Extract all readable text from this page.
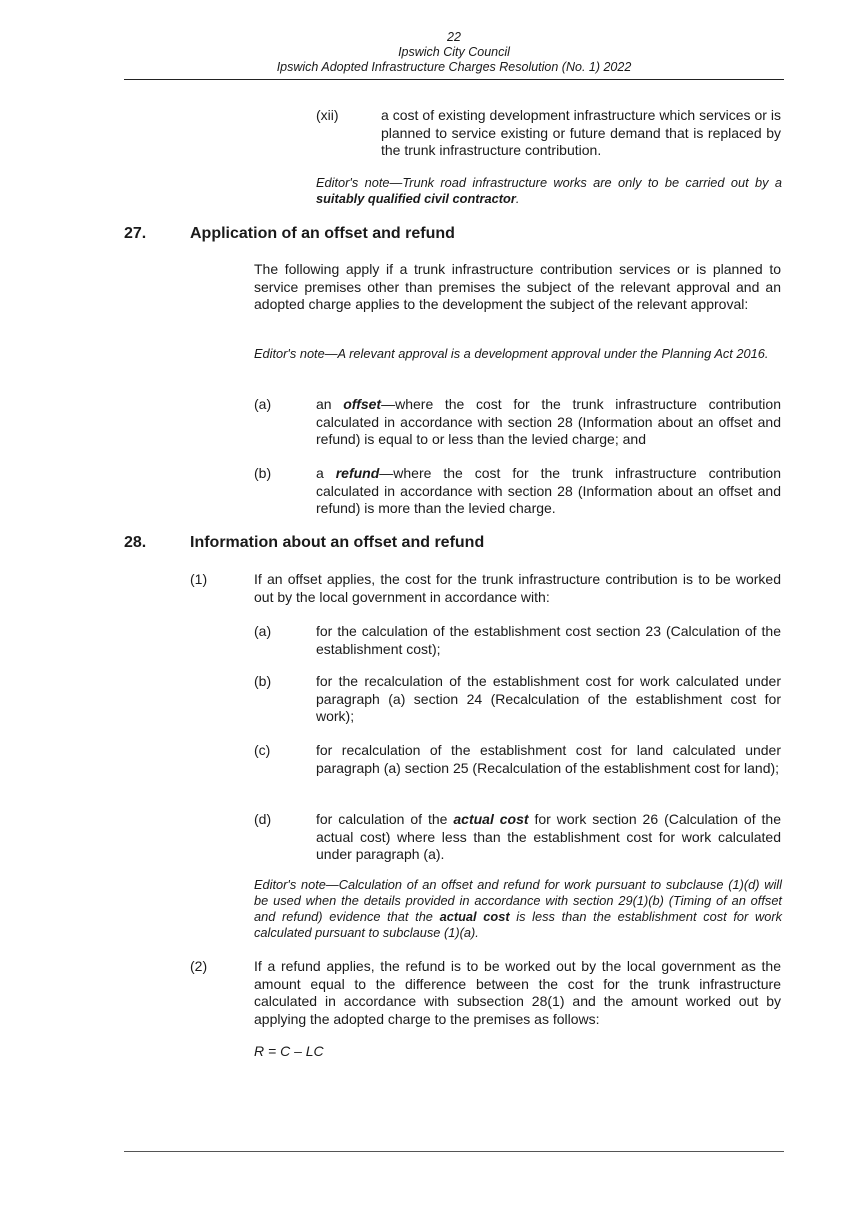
22
Ipswich City Council
Ipswich Adopted Infrastructure Charges Resolution (No. 1) 2022
(xii)	a cost of existing development infrastructure which services or is planned to service existing or future demand that is replaced by the trunk infrastructure contribution.

Editor's note—Trunk road infrastructure works are only to be carried out by a suitably qualified civil contractor.

27.	Application of an offset and refund

The following apply if a trunk infrastructure contribution services or is planned to service premises other than premises the subject of the relevant approval and an adopted charge applies to the development the subject of the relevant approval:

Editor's note—A relevant approval is a development approval under the Planning Act 2016.

(a)	an offset—where the cost for the trunk infrastructure contribution calculated in accordance with section 28 (Information about an offset and refund) is equal to or less than the levied charge; and

(b)	a refund—where the cost for the trunk infrastructure contribution calculated in accordance with section 28 (Information about an offset and refund) is more than the levied charge.

28.	Information about an offset and refund
(1)	If an offset applies, the cost for the trunk infrastructure contribution is to be worked out by the local government in accordance with:

(a)	for the calculation of the establishment cost section 23 (Calculation of the establishment cost);

(b)	for the recalculation of the establishment cost for work calculated under paragraph (a) section 24 (Recalculation of the establishment cost for work);

(c)	for recalculation of the establishment cost for land calculated under paragraph (a) section 25 (Recalculation of the establishment cost for land);

(d)	for calculation of the actual cost for work section 26 (Calculation of the actual cost) where less than the establishment cost for work calculated under paragraph (a).

Editor's note—Calculation of an offset and refund for work pursuant to subclause (1)(d) will be used when the details provided in accordance with section 29(1)(b) (Timing of an offset and refund) evidence that the actual cost is less than the establishment cost for work calculated pursuant to subclause (1)(a).

(2)	If a refund applies, the refund is to be worked out by the local government as the amount equal to the difference between the cost for the trunk infrastructure calculated in accordance with subsection 28(1) and the amount worked out by applying the adopted charge to the premises as follows:

R = C – LC
